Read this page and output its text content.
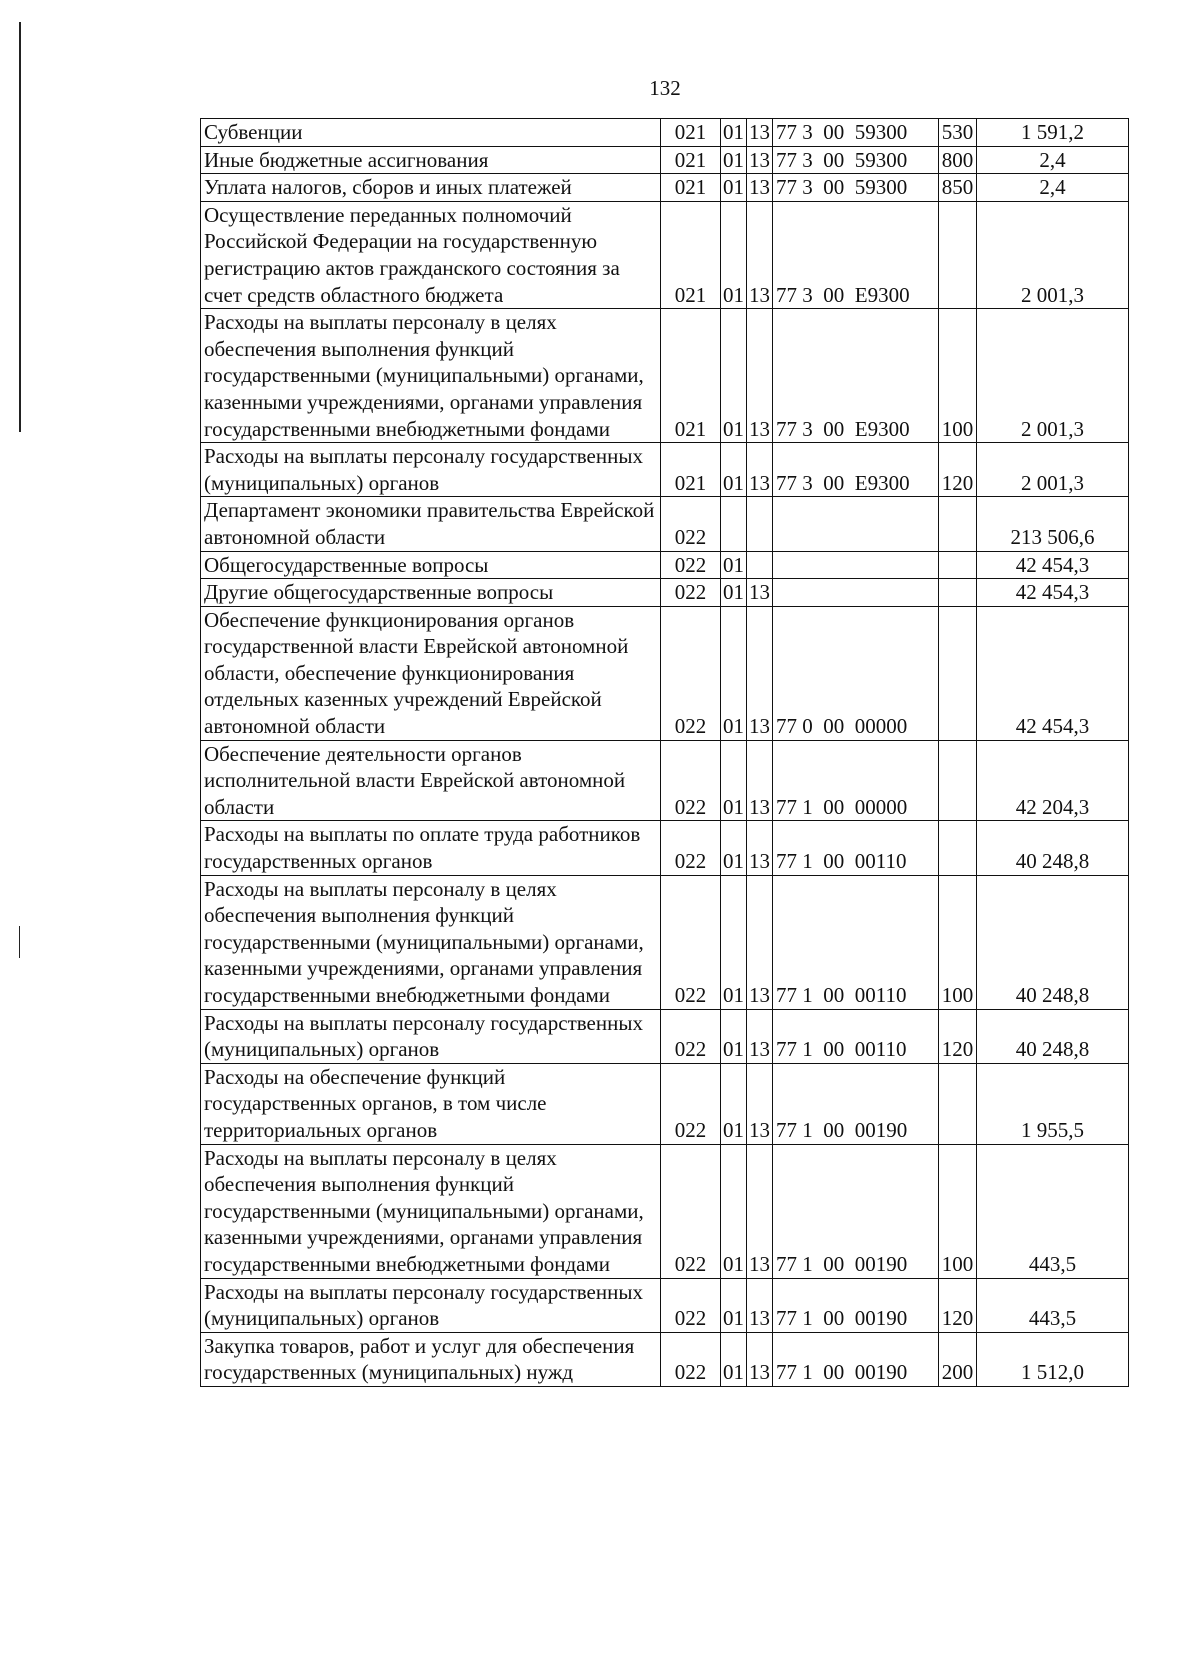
132
Субвенции	021	01	13	77 3  00  59300	530	1 591,2
Иные бюджетные ассигнования	021	01	13	77 3  00  59300	800	2,4
Уплата налогов, сборов и иных платежей	021	01	13	77 3  00  59300	850	2,4
Осуществление переданных полномочий Российской Федерации на государственную регистрацию актов гражданского состояния за счет средств областного бюджета	021	01	13	77 3  00  E9300		2 001,3
Расходы на выплаты персоналу в целях обеспечения выполнения функций государственными (муниципальными) органами, казенными учреждениями, органами управления государственными внебюджетными фондами	021	01	13	77 3  00  E9300	100	2 001,3
Расходы на выплаты персоналу государственных (муниципальных) органов	021	01	13	77 3  00  E9300	120	2 001,3
Департамент экономики правительства Еврейской автономной области	022					213 506,6
Общегосударственные вопросы	022	01				42 454,3
Другие общегосударственные вопросы	022	01	13			42 454,3
Обеспечение функционирования органов государственной власти Еврейской автономной области, обеспечение функционирования отдельных казенных учреждений Еврейской автономной области	022	01	13	77 0  00  00000		42 454,3
Обеспечение деятельности органов исполнительной власти Еврейской автономной области	022	01	13	77 1  00  00000		42 204,3
Расходы на выплаты по оплате труда работников государственных органов	022	01	13	77 1  00  00110		40 248,8
Расходы на выплаты персоналу в целях обеспечения выполнения функций государственными (муниципальными) органами, казенными учреждениями, органами управления государственными внебюджетными фондами	022	01	13	77 1  00  00110	100	40 248,8
Расходы на выплаты персоналу государственных (муниципальных) органов	022	01	13	77 1  00  00110	120	40 248,8
Расходы на обеспечение функций государственных органов, в том числе территориальных органов	022	01	13	77 1  00  00190		1 955,5
Расходы на выплаты персоналу в целях обеспечения выполнения функций государственными (муниципальными) органами, казенными учреждениями, органами управления государственными внебюджетными фондами	022	01	13	77 1  00  00190	100	443,5
Расходы на выплаты персоналу государственных (муниципальных) органов	022	01	13	77 1  00  00190	120	443,5
Закупка товаров, работ и услуг для обеспечения государственных (муниципальных) нужд	022	01	13	77 1  00  00190	200	1 512,0
